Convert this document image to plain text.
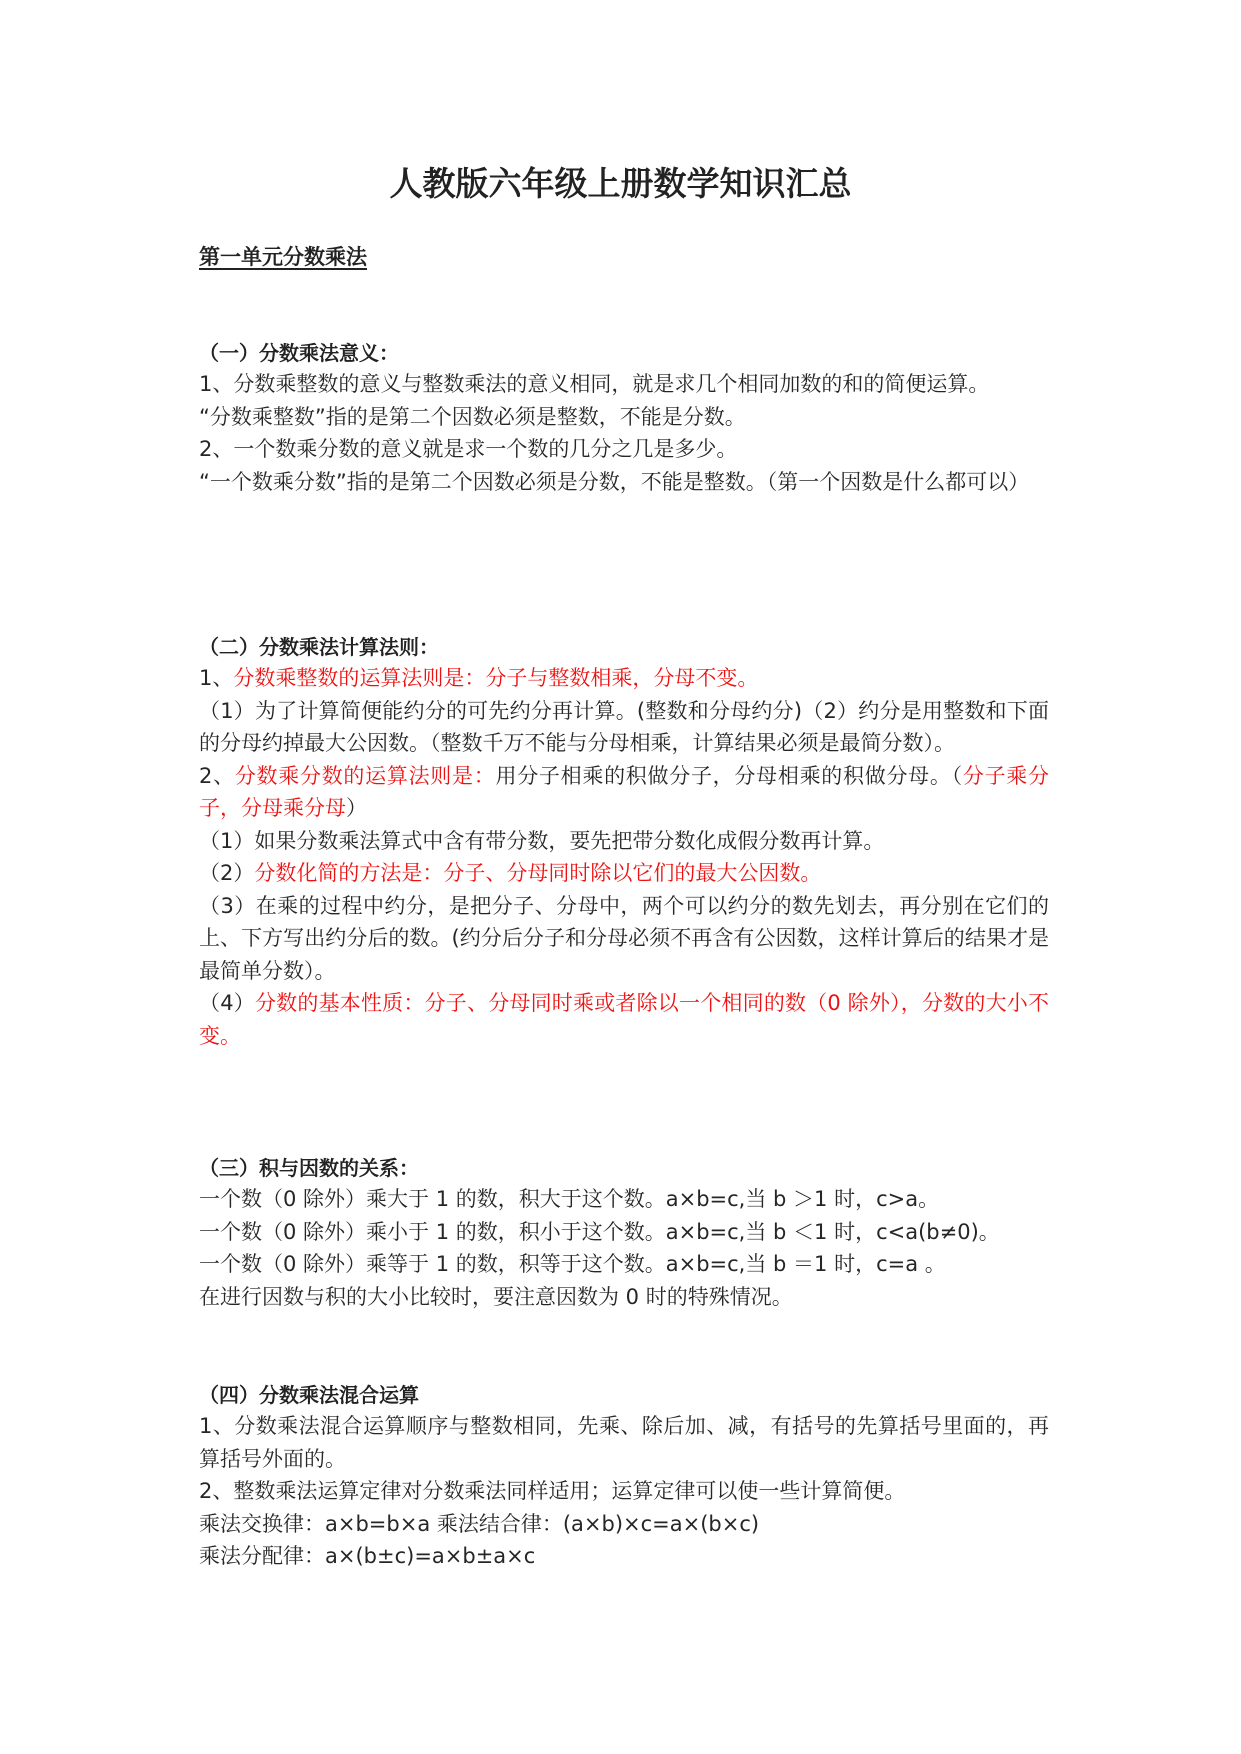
人教版六年级上册数学知识汇总
第一单元分数乘法
（一）分数乘法意义：
1、分数乘整数的意义与整数乘法的意义相同，就是求几个相同加数的和的简便运算。
“分数乘整数”指的是第二个因数必须是整数，不能是分数。
2、一个数乘分数的意义就是求一个数的几分之几是多少。
“一个数乘分数”指的是第二个因数必须是分数，不能是整数。（第一个因数是什么都可以）
（二）分数乘法计算法则：
1、分数乘整数的运算法则是：分子与整数相乘，分母不变。
（1）为了计算简便能约分的可先约分再计算。(整数和分母约分)（2）约分是用整数和下面的分母约掉最大公因数。（整数千万不能与分母相乘，计算结果必须是最简分数）。
2、分数乘分数的运算法则是：用分子相乘的积做分子，分母相乘的积做分母。（分子乘分子，分母乘分母）
（1）如果分数乘法算式中含有带分数，要先把带分数化成假分数再计算。
（2）分数化简的方法是：分子、分母同时除以它们的最大公因数。
（3）在乘的过程中约分，是把分子、分母中，两个可以约分的数先划去，再分别在它们的上、下方写出约分后的数。(约分后分子和分母必须不再含有公因数，这样计算后的结果才是最简单分数）。
（4）分数的基本性质：分子、分母同时乘或者除以一个相同的数（0 除外），分数的大小不变。
（三）积与因数的关系：
一个数（0 除外）乘大于 1 的数，积大于这个数。a×b=c,当 b ＞1 时，c>a。
一个数（0 除外）乘小于 1 的数，积小于这个数。a×b=c,当 b ＜1 时，c<a(b≠0)。
一个数（0 除外）乘等于 1 的数，积等于这个数。a×b=c,当 b ＝1 时，c=a 。
在进行因数与积的大小比较时，要注意因数为 0 时的特殊情况。
（四）分数乘法混合运算
1、分数乘法混合运算顺序与整数相同，先乘、除后加、减，有括号的先算括号里面的，再算括号外面的。
2、整数乘法运算定律对分数乘法同样适用；运算定律可以使一些计算简便。
乘法交换律：a×b=b×a 乘法结合律：(a×b)×c=a×(b×c)
乘法分配律：a×(b±c)=a×b±a×c
